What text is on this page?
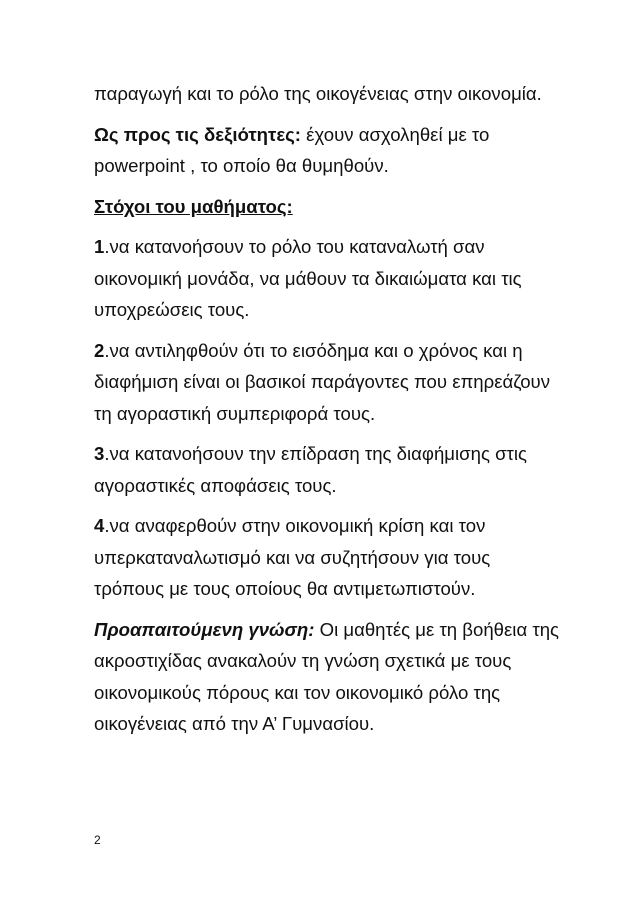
παραγωγή και το ρόλο της οικογένειας στην οικονομία.

Ως προς τις δεξιότητες: έχουν ασχοληθεί με το powerpoint , το οποίο θα θυμηθούν.

Στόχοι του μαθήματος:

1.να κατανοήσουν το ρόλο του καταναλωτή σαν οικονομική μονάδα, να μάθουν τα δικαιώματα και τις υποχρεώσεις τους.

2.να αντιληφθούν ότι το εισόδημα και ο χρόνος και η διαφήμιση είναι οι βασικοί παράγοντες που επηρεάζουν τη αγοραστική συμπεριφορά τους.

3.να κατανοήσουν την επίδραση της διαφήμισης στις αγοραστικές αποφάσεις τους.

4.να αναφερθούν στην οικονομική κρίση και τον υπερκαταναλωτισμό και να συζητήσουν για τους τρόπους με τους οποίους θα αντιμετωπιστούν.

Προαπαιτούμενη γνώση: Οι μαθητές με τη βοήθεια της ακροστιχίδας ανακαλούν τη γνώση σχετικά με τους οικονομικούς πόρους και τον οικονομικό ρόλο της οικογένειας από την Α’ Γυμνασίου.

2
